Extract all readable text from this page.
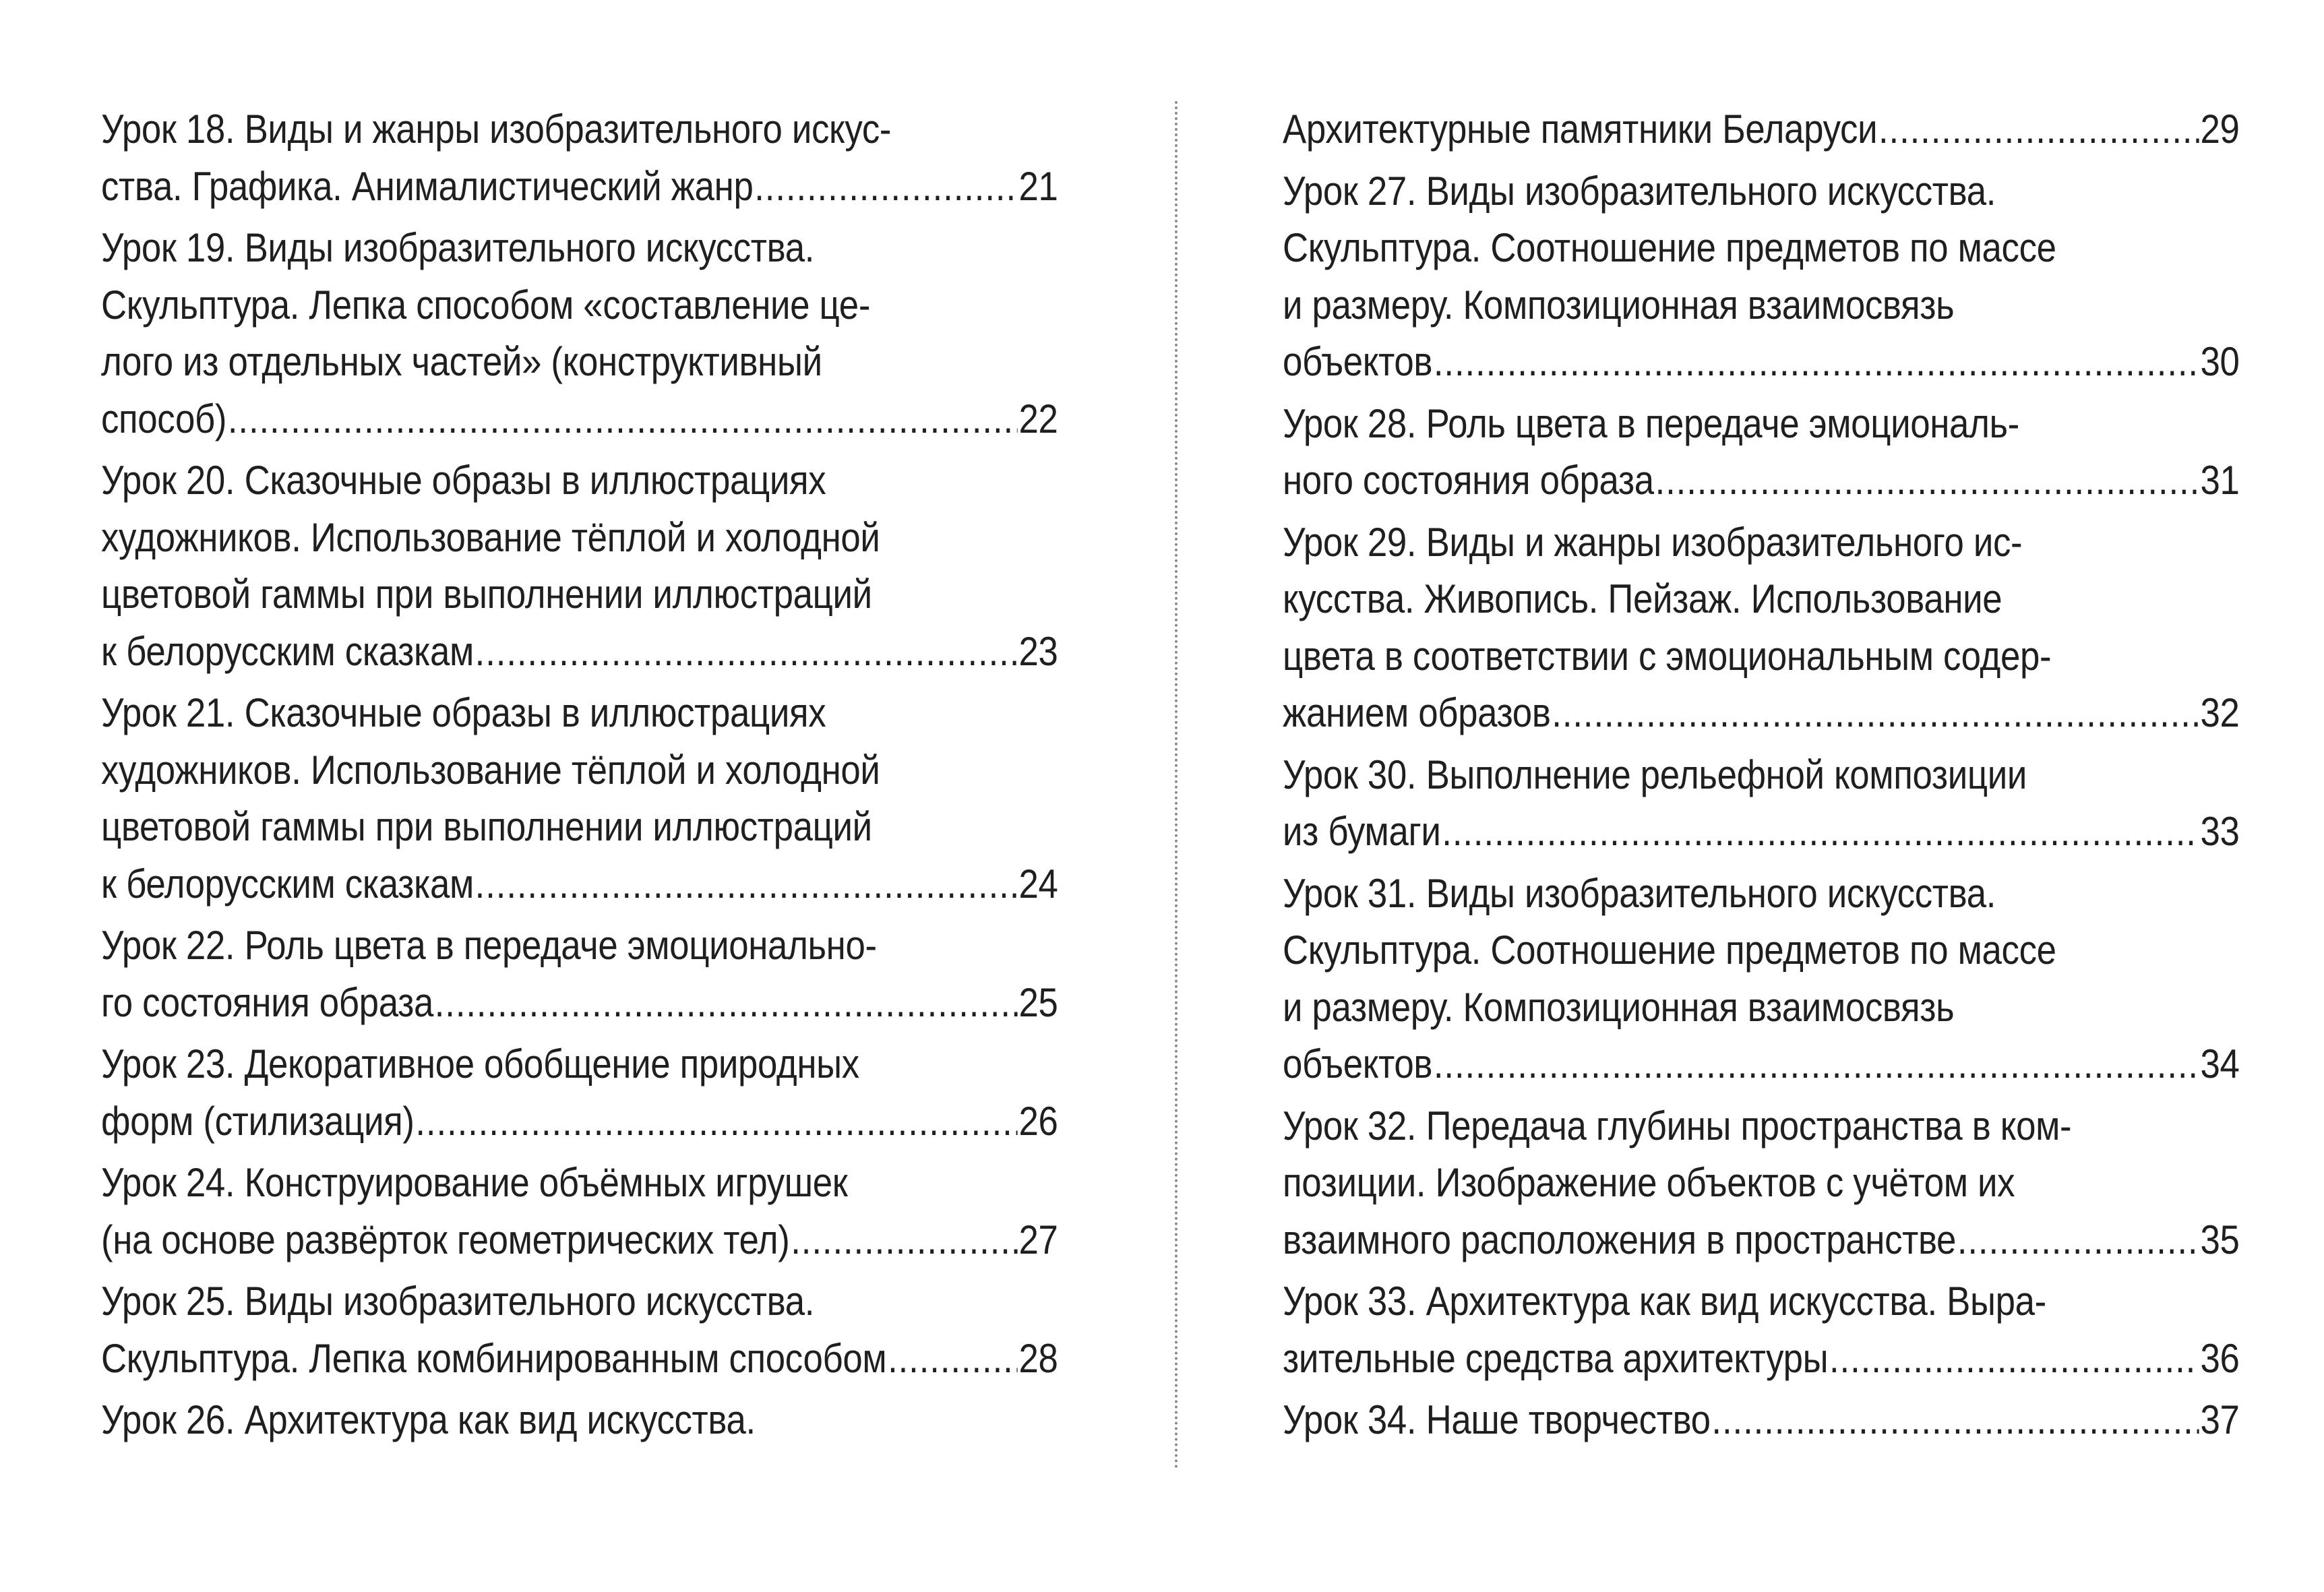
Урок 18. Виды и жанры изобразительного искус-
ства. Графика. Анималистический жанр .....	21
Урок 19. Виды изобразительного искусства.
Скульптура. Лепка способом «составление це-
лого из отдельных частей» (конструктивный
способ) .....	22
Урок 20. Сказочные образы в иллюстрациях
художников. Использование тёплой и холодной
цветовой гаммы при выполнении иллюстраций
к белорусским сказкам .....	23
Урок 21. Сказочные образы в иллюстрациях
художников. Использование тёплой и холодной
цветовой гаммы при выполнении иллюстраций
к белорусским сказкам .....	24
Урок 22. Роль цвета в передаче эмоционально-
го состояния образа .....	25
Урок 23. Декоративное обобщение природных
форм (стилизация) .....	26
Урок 24. Конструирование объёмных игрушек
(на основе развёрток геометрических тел) .....	27
Урок 25. Виды изобразительного искусства.
Скульптура. Лепка комбинированным способом .....	28
Урок 26. Архитектура как вид искусства.
Архитектурные памятники Беларуси .....	29
Урок 27. Виды изобразительного искусства.
Скульптура. Соотношение предметов по массе
и размеру. Композиционная взаимосвязь
объектов .....	30
Урок 28. Роль цвета в передаче эмоциональ-
ного состояния образа .....	31
Урок 29. Виды и жанры изобразительного ис-
кусства. Живопись. Пейзаж. Использование
цвета в соответствии с эмоциональным содер-
жанием образов .....	32
Урок 30. Выполнение рельефной композиции
из бумаги .....	33
Урок 31. Виды изобразительного искусства.
Скульптура. Соотношение предметов по массе
и размеру. Композиционная взаимосвязь
объектов .....	34
Урок 32. Передача глубины пространства в ком-
позиции. Изображение объектов с учётом их
взаимного расположения в пространстве .....	35
Урок 33. Архитектура как вид искусства. Выра-
зительные средства архитектуры .....	36
Урок 34. Наше творчество .....	37
